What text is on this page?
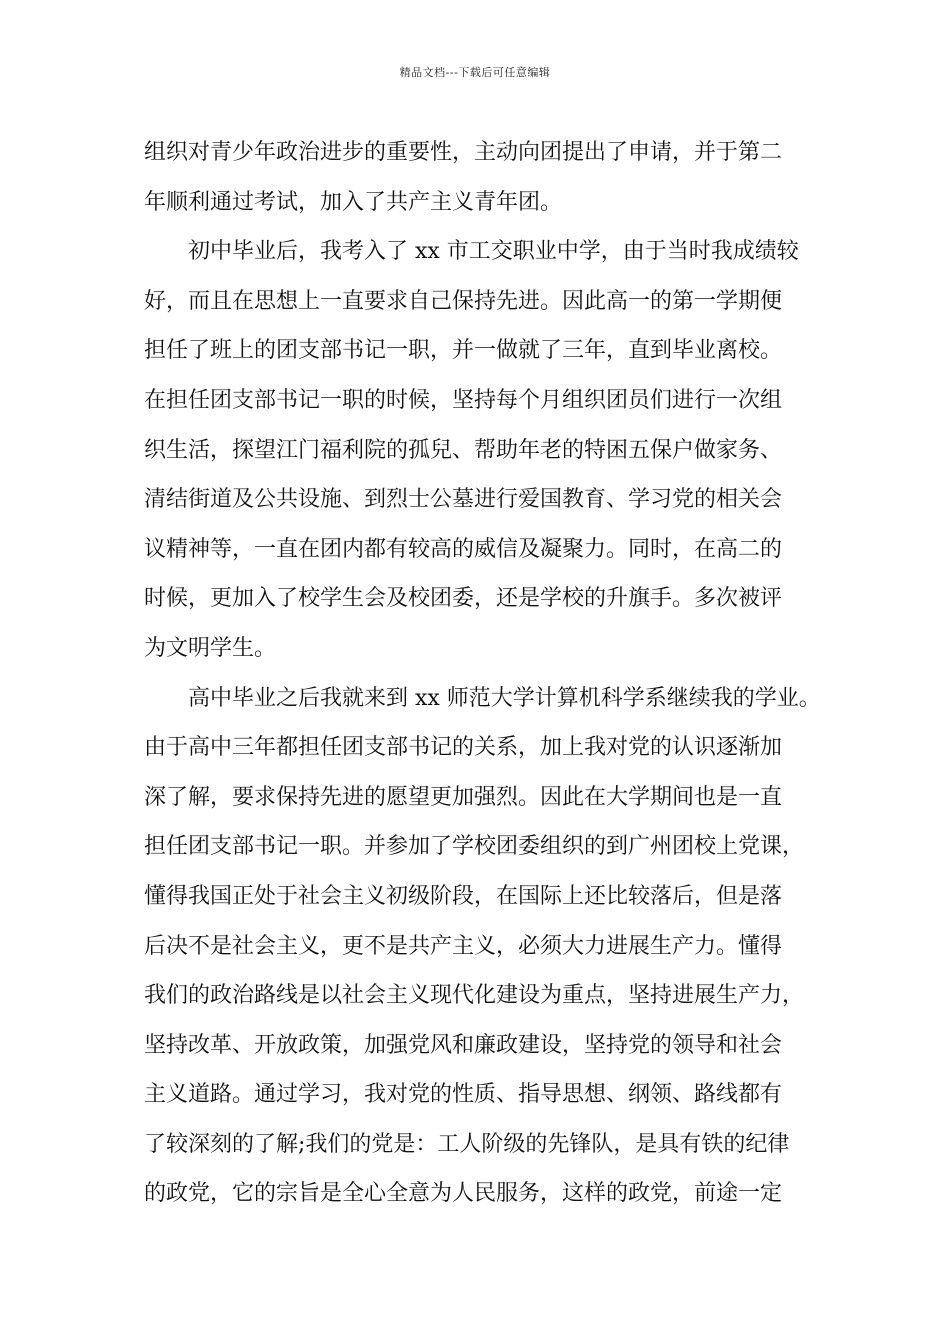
精品文档---下载后可任意编辑
组织对青少年政治进步的重要性，主动向团提出了申请，并于第二
年顺利通过考试，加入了共产主义青年团。
初中毕业后，我考入了 xx 市工交职业中学，由于当时我成绩较
好，而且在思想上一直要求自己保持先进。因此高一的第一学期便
担任了班上的团支部书记一职，并一做就了三年，直到毕业离校。
在担任团支部书记一职的时候，坚持每个月组织团员们进行一次组
织生活，探望江门福利院的孤兒、帮助年老的特困五保户做家务、
清结街道及公共设施、到烈士公墓进行爱国教育、学习党的相关会
议精神等，一直在团内都有较高的威信及凝聚力。同时，在高二的
时候，更加入了校学生会及校团委，还是学校的升旗手。多次被评
为文明学生。
高中毕业之后我就来到 xx 师范大学计算机科学系继续我的学业。
由于高中三年都担任团支部书记的关系，加上我对党的认识逐渐加
深了解，要求保持先进的愿望更加强烈。因此在大学期间也是一直
担任团支部书记一职。并参加了学校团委组织的到广州团校上党课，
懂得我国正处于社会主义初级阶段，在国际上还比较落后，但是落
后决不是社会主义，更不是共产主义，必须大力进展生产力。懂得
我们的政治路线是以社会主义现代化建设为重点，坚持进展生产力，
坚持改革、开放政策，加强党风和廉政建设，坚持党的领导和社会
主义道路。通过学习，我对党的性质、指导思想、纲领、路线都有
了较深刻的了解;我们的党是：工人阶级的先锋队，是具有铁的纪律
的政党，它的宗旨是全心全意为人民服务，这样的政党，前途一定
